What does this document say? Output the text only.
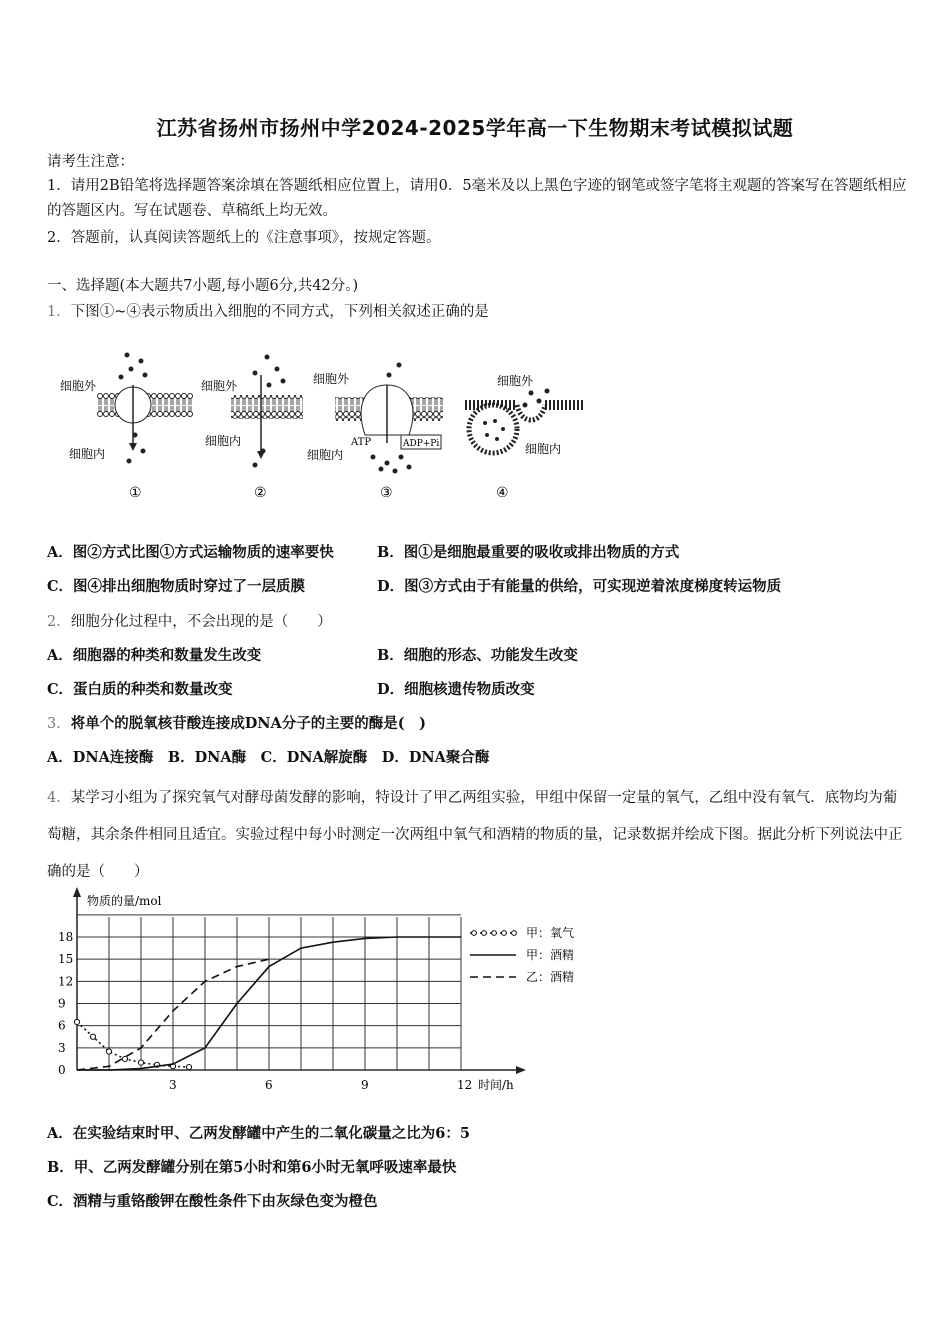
江苏省扬州市扬州中学2024-2025学年高一下生物期末考试模拟试题
请考生注意：
1．请用2B铅笔将选择题答案涂填在答题纸相应位置上，请用0．5毫米及以上黑色字迹的钢笔或签字笔将主观题的答案写在答题纸相应的答题区内。写在试题卷、草稿纸上均无效。
2．答题前，认真阅读答题纸上的《注意事项》，按规定答题。
一、选择题(本大题共7小题,每小题6分,共42分。)
1．下图①~④表示物质出入细胞的不同方式，下列相关叙述正确的是
细胞外
细胞内
①
细胞外
细胞内
②
细胞外
细胞内
ATP	ADP+Pi
③
细胞外
细胞内
④
A．图②方式比图①方式运输物质的速率要快	B．图①是细胞最重要的吸收或排出物质的方式
C．图④排出细胞物质时穿过了一层质膜	D．图③方式由于有能量的供给，可实现逆着浓度梯度转运物质
2．细胞分化过程中，不会出现的是（　　）
A．细胞器的种类和数量发生改变	B．细胞的形态、功能发生改变
C．蛋白质的种类和数量改变	D．细胞核遗传物质改变
3．将单个的脱氧核苷酸连接成DNA分子的主要的酶是(　)
A．DNA连接酶　B．DNA酶　C．DNA解旋酶　D．DNA聚合酶
4．某学习小组为了探究氧气对酵母菌发酵的影响，特设计了甲乙两组实验，甲组中保留一定量的氧气，乙组中没有氧气．底物均为葡萄糖，其余条件相同且适宜。实验过程中每小时测定一次两组中氧气和酒精的物质的量，记录数据并绘成下图。据此分析下列说法中正确的是（　　）
物质的量/mol
时间/h
0
3
6
9
12
15
18
3	6	9	12
甲：氧气
甲：酒精
乙：酒精
A．在实验结束时甲、乙两发酵罐中产生的二氧化碳量之比为6：5
B．甲、乙两发酵罐分别在第5小时和第6小时无氧呼吸速率最快
C．酒精与重铬酸钾在酸性条件下由灰绿色变为橙色
